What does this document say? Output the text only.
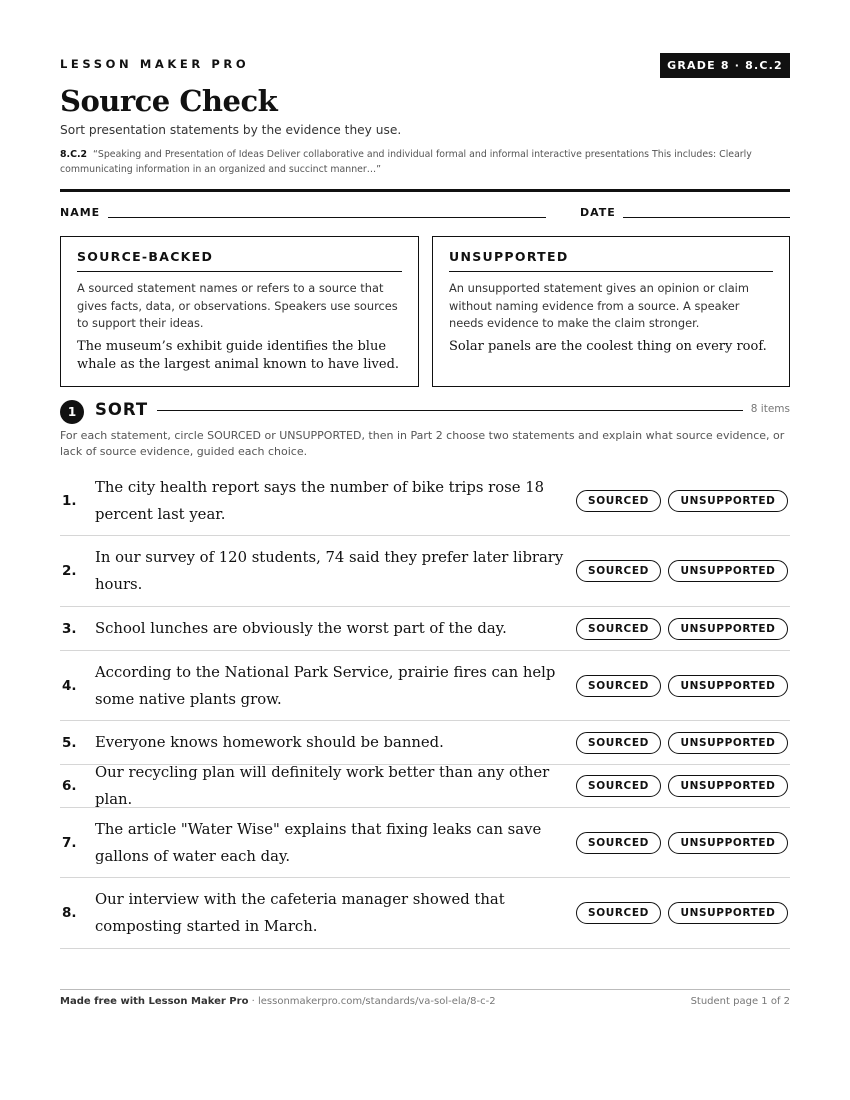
LESSON MAKER PRO	GRADE 8 · 8.C.2
Source Check
Sort presentation statements by the evidence they use.
8.C.2 “Speaking and Presentation of Ideas Deliver collaborative and individual formal and informal interactive presentations This includes: Clearly communicating information in an organized and succinct manner…”
NAME	DATE
SOURCE-BACKED
A sourced statement names or refers to a source that gives facts, data, or observations. Speakers use sources to support their ideas.
The museum’s exhibit guide identifies the blue whale as the largest animal known to have lived.
UNSUPPORTED
An unsupported statement gives an opinion or claim without naming evidence from a source. A speaker needs evidence to make the claim stronger.
Solar panels are the coolest thing on every roof.
1	SORT	8 items
For each statement, circle SOURCED or UNSUPPORTED, then in Part 2 choose two statements and explain what source evidence, or lack of source evidence, guided each choice.
1.
The city health report says the number of bike trips rose 18 percent last year.
SOURCED	UNSUPPORTED
2.
In our survey of 120 students, 74 said they prefer later library hours.
SOURCED	UNSUPPORTED
3. School lunches are obviously the worst part of the day.	SOURCED	UNSUPPORTED
4.
According to the National Park Service, prairie fires can help some native plants grow.
SOURCED	UNSUPPORTED
5. Everyone knows homework should be banned.	SOURCED	UNSUPPORTED
6.
Our recycling plan will definitely work better than any other plan.
SOURCED	UNSUPPORTED
7.
The article "Water Wise" explains that fixing leaks can save gallons of water each day.
SOURCED	UNSUPPORTED
8.
Our interview with the cafeteria manager showed that composting started in March.
SOURCED	UNSUPPORTED
Made free with Lesson Maker Pro · lessonmakerpro.com/standards/va-sol-ela/8-c-2	Student page 1 of 2
